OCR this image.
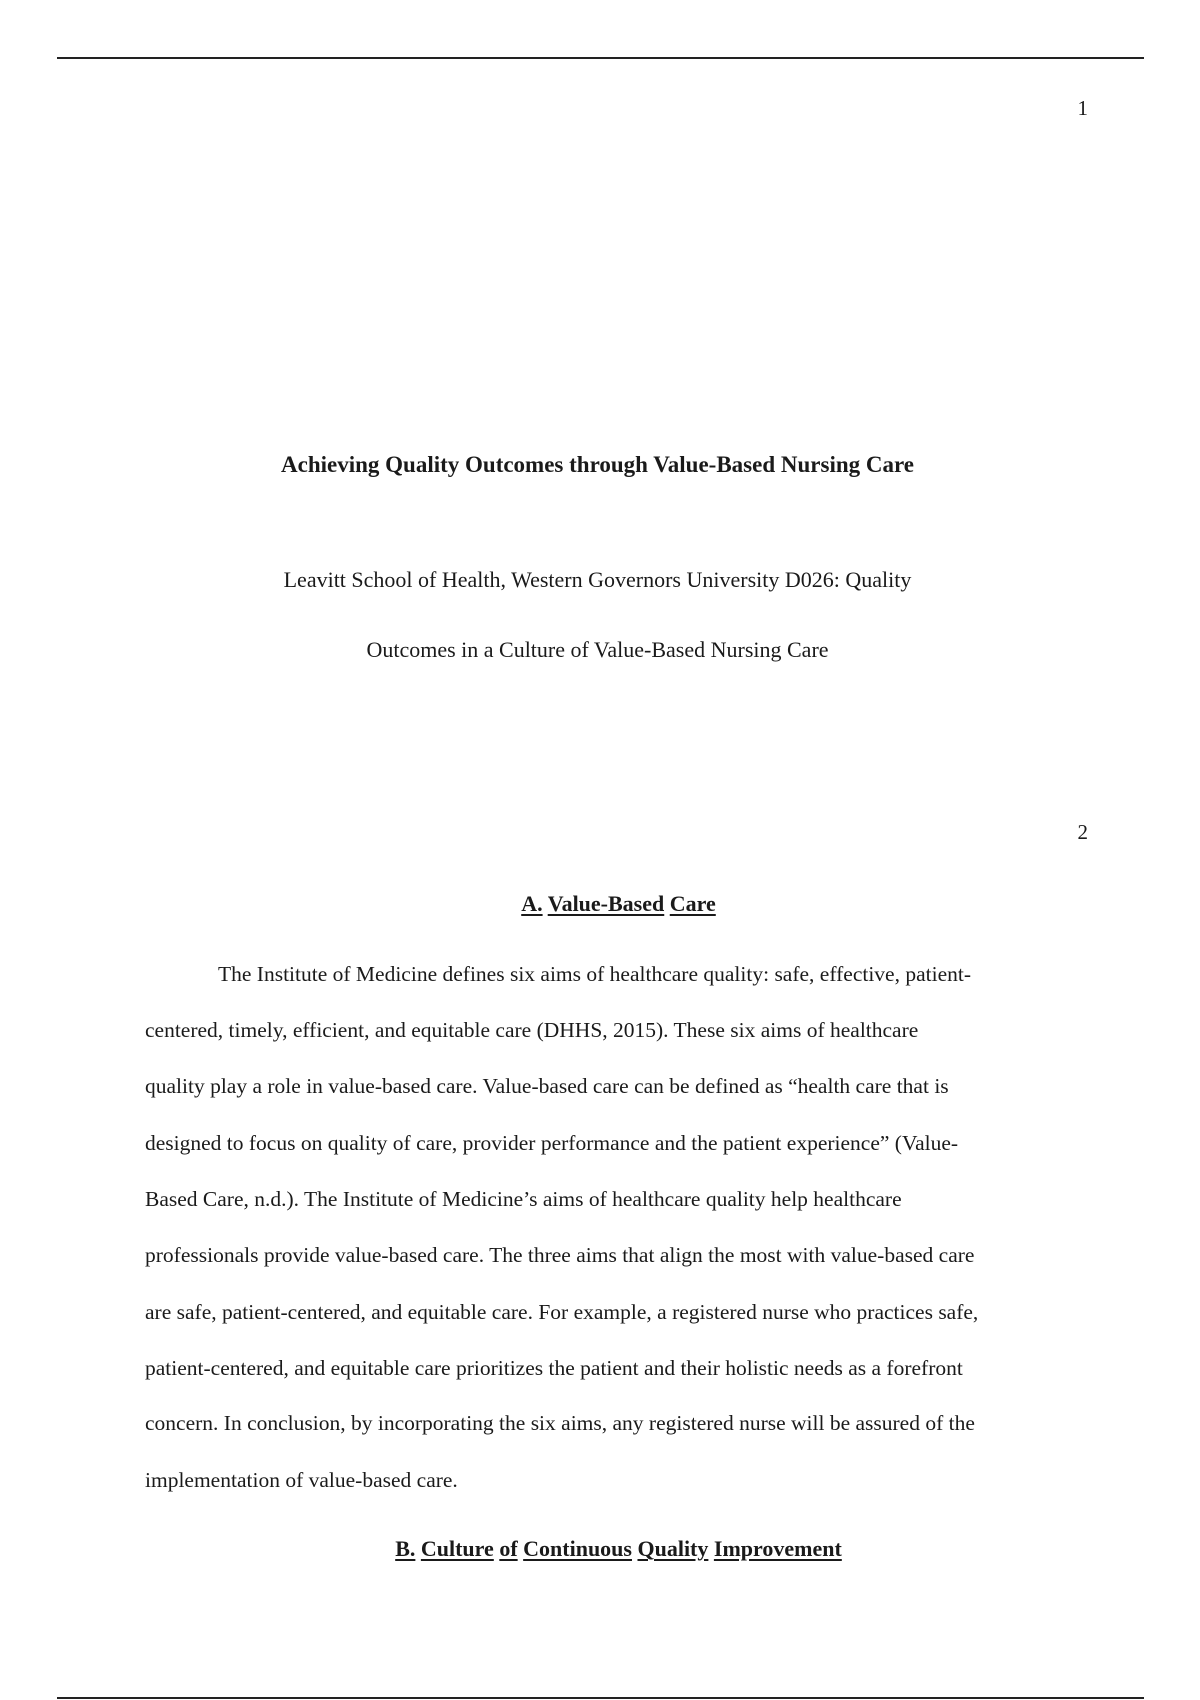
1
Achieving Quality Outcomes through Value-Based Nursing Care
Leavitt School of Health, Western Governors University D026: Quality
Outcomes in a Culture of Value-Based Nursing Care
2
A. Value-Based Care
The Institute of Medicine defines six aims of healthcare quality: safe, effective, patient-
centered, timely, efficient, and equitable care (DHHS, 2015). These six aims of healthcare
quality play a role in value-based care. Value-based care can be defined as “health care that is
designed to focus on quality of care, provider performance and the patient experience” (Value-
Based Care, n.d.). The Institute of Medicine’s aims of healthcare quality help healthcare
professionals provide value-based care. The three aims that align the most with value-based care
are safe, patient-centered, and equitable care. For example, a registered nurse who practices safe,
patient-centered, and equitable care prioritizes the patient and their holistic needs as a forefront
concern. In conclusion, by incorporating the six aims, any registered nurse will be assured of the
implementation of value-based care.
B. Culture of Continuous Quality Improvement
